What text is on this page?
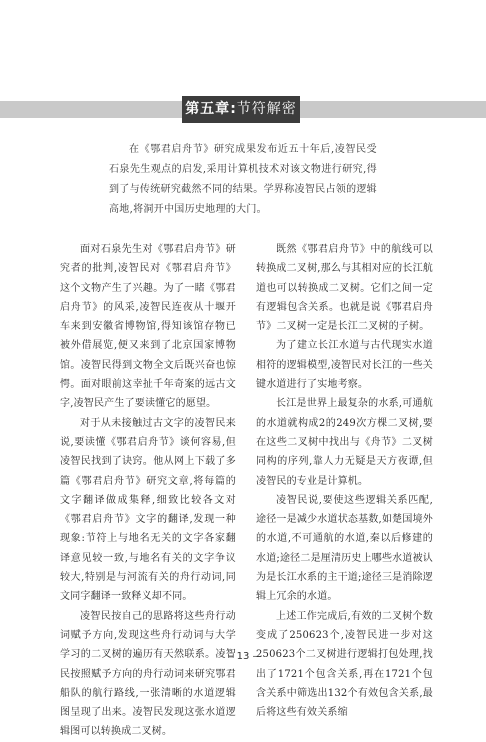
第五章:节符解密

在《鄂君启舟节》研究成果发布近五十年后,凌智民受石泉先生观点的启发,采用计算机技术对该文物进行研究,得到了与传统研究截然不同的结果。学界称凌智民占领的逻辑高地,将洞开中国历史地理的大门。

面对石泉先生对《鄂君启舟节》研究者的批判,凌智民对《鄂君启舟节》这个文物产生了兴趣。为了一睹《鄂君启舟节》的风采,凌智民连夜从十堰开车来到安徽省博物馆,得知该馆存物已被外借展览,便又来到了北京国家博物馆。凌智民得到文物全文后既兴奋也惊愕。面对眼前这幸扯千年奇案的远古文字,凌智民产生了要读懂它的愿望。

对于从未接触过古文字的凌智民来说,要读懂《鄂君启舟节》谈何容易,但凌智民找到了诀窍。他从网上下载了多篇《鄂君启舟节》研究文章,将每篇的文字翻译做成集释,细致比较各文对《鄂君启舟节》文字的翻译,发现一种现象:节符上与地名无关的文字各家翻译意见较一致,与地名有关的文字争议较大,特别是与河流有关的舟行动词,同文同字翻译一致释义却不同。

凌智民按自己的思路将这些舟行动词赋予方向,发现这些舟行动词与大学学习的二叉树的遍历有天然联系。凌智民按照赋予方向的舟行动词来研究鄂君船队的航行路线,一张清晰的水道逻辑图呈现了出来。凌智民发现这张水道逻辑图可以转换成二叉树。

既然《鄂君启舟节》中的航线可以转换成二叉树,那么与其相对应的长江航道也可以转换成二叉树。它们之间一定有逻辑包含关系。也就是说《鄂君启舟节》二叉树一定是长江二叉树的子树。

为了建立长江水道与古代现实水道相符的逻辑模型,凌智民对长江的一些关键水道进行了实地考察。

长江是世界上最复杂的水系,可通航的水道就构成2的249次方棵二叉树,要在这些二叉树中找出与《舟节》二叉树同构的序列,靠人力无疑是天方夜谭,但凌智民的专业是计算机。

凌智民说,要使这些逻辑关系匹配,途径一是减少水道状态基数,如楚国境外的水道,不可通航的水道,秦以后修建的水道;途径二是厘清历史上哪些水道被认为是长江水系的主干道;途径三是消除逻辑上冗余的水道。

上述工作完成后,有效的二叉树个数变成了250623个,凌智民进一步对这250623个二叉树进行逻辑打包处理,找出了1721个包含关系,再在1721个包含关系中筛选出132个有效包含关系,最后将这些有效关系缩

– 13 –
